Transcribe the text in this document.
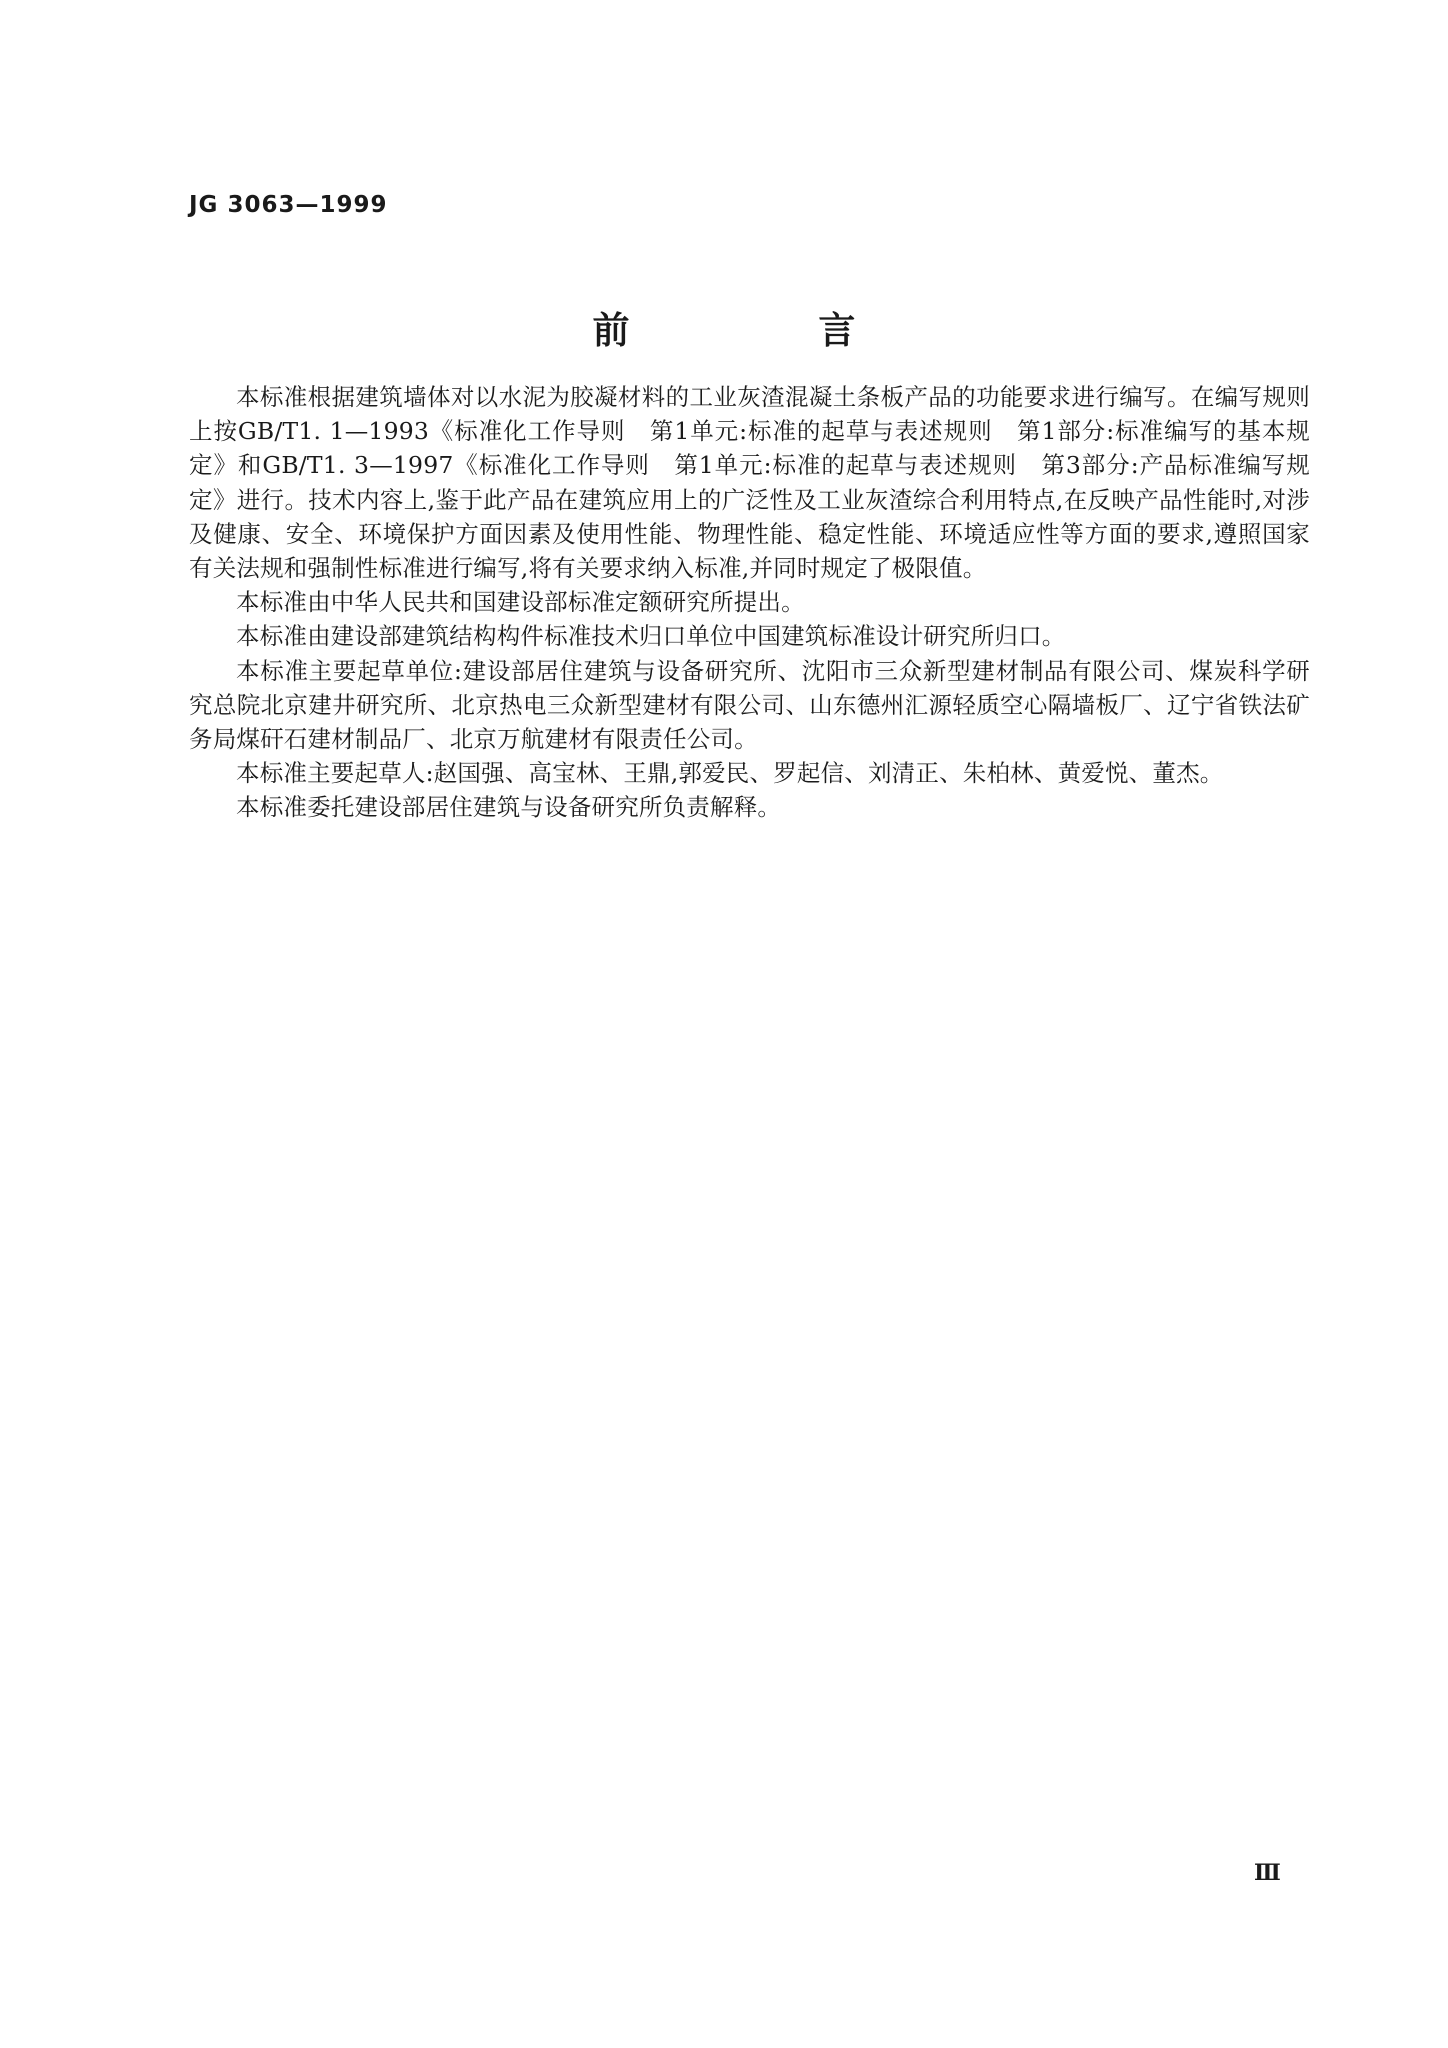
JG 3063—1999
前 言

本标准根据建筑墙体对以水泥为胶凝材料的工业灰渣混凝土条板产品的功能要求进行编写。在编写规则上按GB/T1. 1—1993《标准化工作导则　第1单元:标准的起草与表述规则　第1部分:标准编写的基本规定》和GB/T1. 3—1997《标准化工作导则　第1单元:标准的起草与表述规则　第3部分:产品标准编写规定》进行。技术内容上,鉴于此产品在建筑应用上的广泛性及工业灰渣综合利用特点,在反映产品性能时,对涉及健康、安全、环境保护方面因素及使用性能、物理性能、稳定性能、环境适应性等方面的要求,遵照国家有关法规和强制性标准进行编写,将有关要求纳入标准,并同时规定了极限值。

本标准由中华人民共和国建设部标准定额研究所提出。

本标准由建设部建筑结构构件标准技术归口单位中国建筑标准设计研究所归口。

本标准主要起草单位:建设部居住建筑与设备研究所、沈阳市三众新型建材制品有限公司、煤炭科学研究总院北京建井研究所、北京热电三众新型建材有限公司、山东德州汇源轻质空心隔墙板厂、辽宁省铁法矿务局煤矸石建材制品厂、北京万航建材有限责任公司。

本标准主要起草人:赵国强、高宝林、王鼎,郭爱民、罗起信、刘清正、朱柏林、黄爱悦、董杰。

本标准委托建设部居住建筑与设备研究所负责解释。

Ⅲ
